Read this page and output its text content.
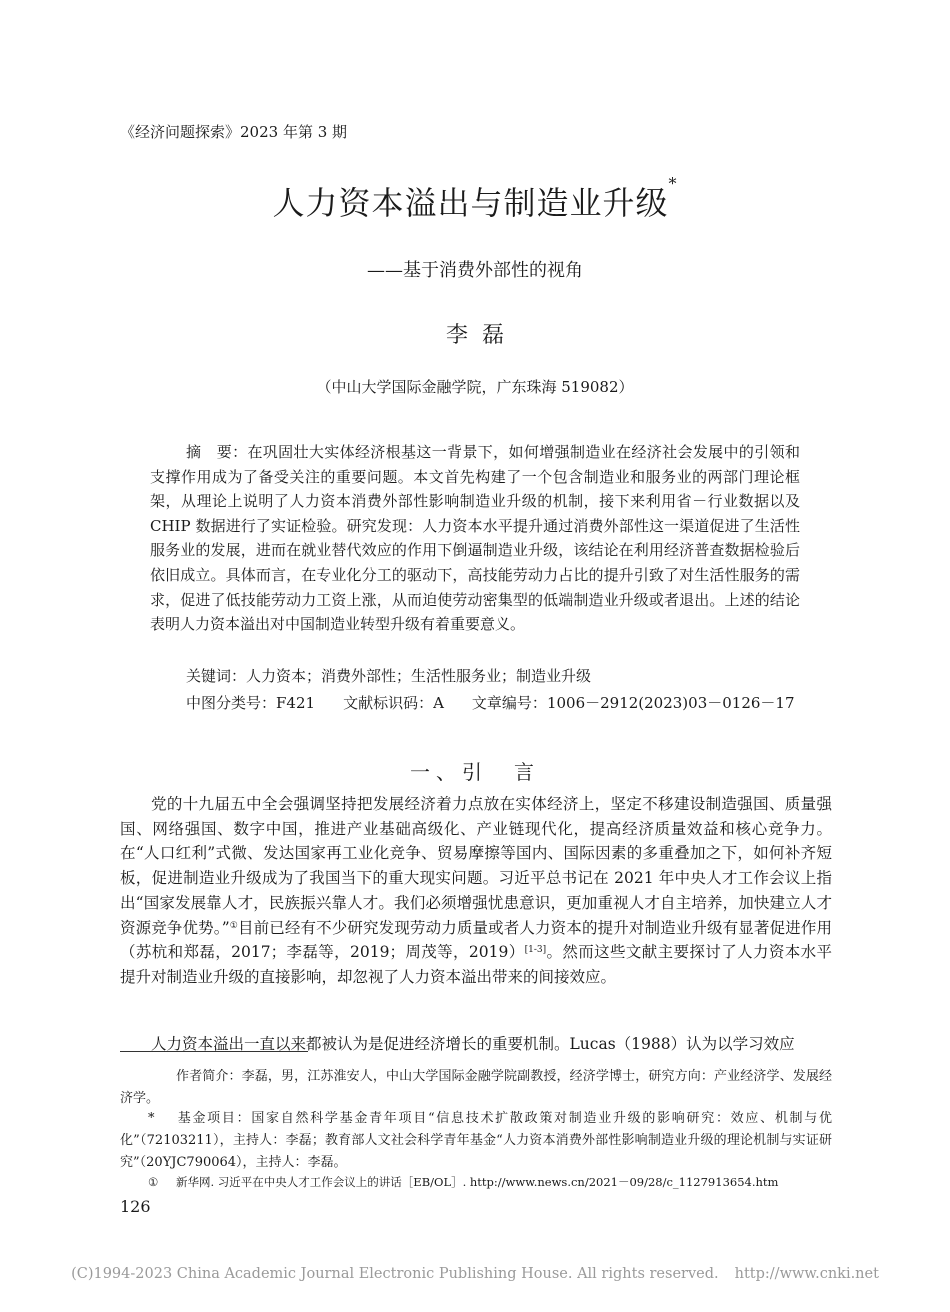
《经济问题探索》2023 年第 3 期
人力资本溢出与制造业升级*
——基于消费外部性的视角
李磊
（中山大学国际金融学院，广东珠海 519082）

摘　要：在巩固壮大实体经济根基这一背景下，如何增强制造业在经济社会发展中的引领和支撑作用成为了备受关注的重要问题。本文首先构建了一个包含制造业和服务业的两部门理论框架，从理论上说明了人力资本消费外部性影响制造业升级的机制，接下来利用省－行业数据以及 CHIP 数据进行了实证检验。研究发现：人力资本水平提升通过消费外部性这一渠道促进了生活性服务业的发展，进而在就业替代效应的作用下倒逼制造业升级，该结论在利用经济普查数据检验后依旧成立。具体而言，在专业化分工的驱动下，高技能劳动力占比的提升引致了对生活性服务的需求，促进了低技能劳动力工资上涨，从而迫使劳动密集型的低端制造业升级或者退出。上述的结论表明人力资本溢出对中国制造业转型升级有着重要意义。

关键词：人力资本；消费外部性；生活性服务业；制造业升级
中图分类号：F421 文献标识码：A 文章编号：1006－2912(2023)03－0126－17
一、引　言

党的十九届五中全会强调坚持把发展经济着力点放在实体经济上，坚定不移建设制造强国、质量强国、网络强国、数字中国，推进产业基础高级化、产业链现代化，提高经济质量效益和核心竞争力。在“人口红利”式微、发达国家再工业化竞争、贸易摩擦等国内、国际因素的多重叠加之下，如何补齐短板，促进制造业升级成为了我国当下的重大现实问题。习近平总书记在 2021 年中央人才工作会议上指出“国家发展靠人才，民族振兴靠人才。我们必须增强忧患意识，更加重视人才自主培养，加快建立人才资源竞争优势。”①目前已经有不少研究发现劳动力质量或者人力资本的提升对制造业升级有显著促进作用（苏杭和郑磊，2017；李磊等，2019；周茂等，2019）[1-3]。然而这些文献主要探讨了人力资本水平提升对制造业升级的直接影响，却忽视了人力资本溢出带来的间接效应。

人力资本溢出一直以来都被认为是促进经济增长的重要机制。Lucas（1988）认为以学习效应

作者简介：李磊，男，江苏淮安人，中山大学国际金融学院副教授，经济学博士，研究方向：产业经济学、发展经济学。

* 基金项目：国家自然科学基金青年项目“信息技术扩散政策对制造业升级的影响研究：效应、机制与优化”（72103211），主持人：李磊；教育部人文社会科学青年基金“人力资本消费外部性影响制造业升级的理论机制与实证研究”（20YJC790064），主持人：李磊。

① 新华网. 习近平在中央人才工作会议上的讲话［EB/OL］. http://www.news.cn/2021－09/28/c_1127913654.htm

126
(C)1994-2023 China Academic Journal Electronic Publishing House. All rights reserved. http://www.cnki.net
